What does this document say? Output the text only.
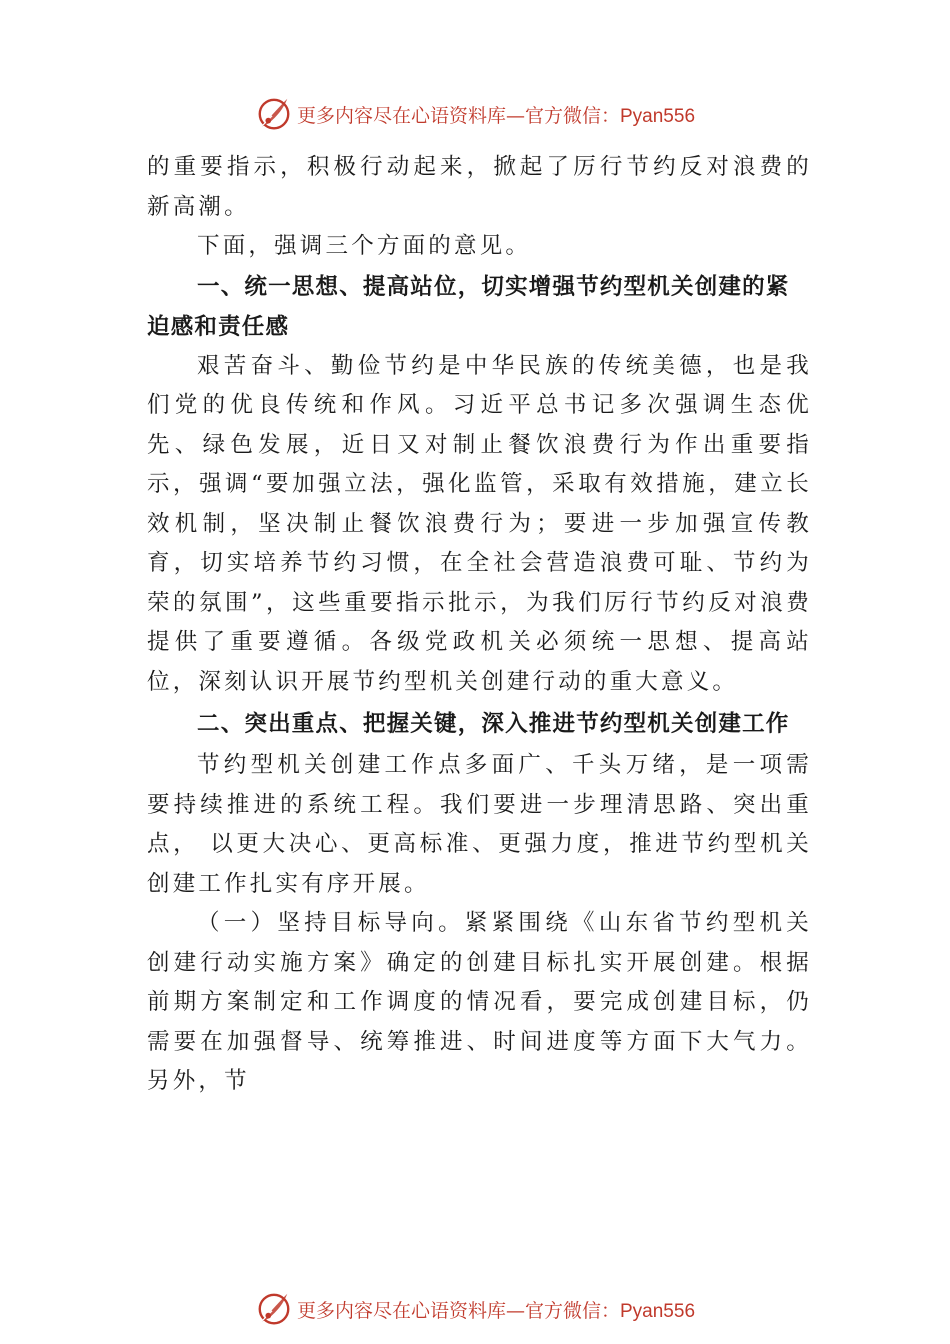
更多内容尽在心语资料库—官方微信：Pyan556

的重要指示，积极行动起来，掀起了厉行节约反对浪费的新高潮。

下面，强调三个方面的意见。

一、统一思想、提高站位，切实增强节约型机关创建的紧迫感和责任感

艰苦奋斗、勤俭节约是中华民族的传统美德，也是我们党的优良传统和作风。习近平总书记多次强调生态优先、绿色发展，近日又对制止餐饮浪费行为作出重要指示，强调“要加强立法，强化监管，采取有效措施，建立长效机制，坚决制止餐饮浪费行为；要进一步加强宣传教育，切实培养节约习惯，在全社会营造浪费可耻、节约为荣的氛围”，这些重要指示批示，为我们厉行节约反对浪费提供了重要遵循。各级党政机关必须统一思想、提高站位，深刻认识开展节约型机关创建行动的重大意义。

二、突出重点、把握关键，深入推进节约型机关创建工作

节约型机关创建工作点多面广、千头万绪，是一项需要持续推进的系统工程。我们要进一步理清思路、突出重点， 以更大决心、更高标准、更强力度，推进节约型机关创建工作扎实有序开展。

（一）坚持目标导向。紧紧围绕《山东省节约型机关创建行动实施方案》确定的创建目标扎实开展创建。根据前期方案制定和工作调度的情况看，要完成创建目标，仍需要在加强督导、统筹推进、时间进度等方面下大气力。另外，节

更多内容尽在心语资料库—官方微信：Pyan556
